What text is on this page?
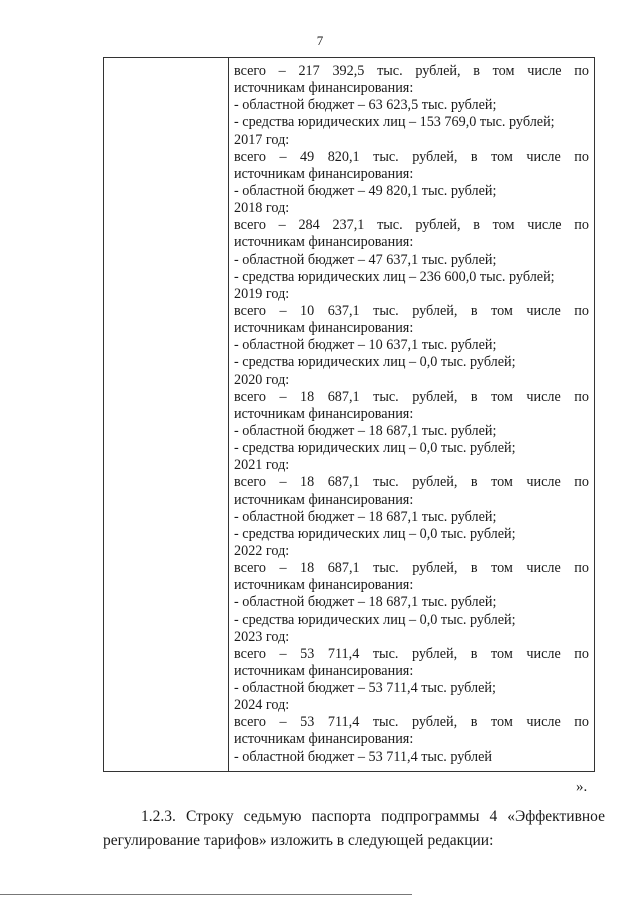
7
всего – 217 392,5 тыс. рублей, в том числе по
источникам финансирования:
- областной бюджет – 63 623,5 тыс. рублей;
- средства юридических лиц – 153 769,0 тыс. рублей;
2017 год:
всего – 49 820,1 тыс. рублей, в том числе по
источникам финансирования:
- областной бюджет – 49 820,1 тыс. рублей;
2018 год:
всего – 284 237,1 тыс. рублей, в том числе по
источникам финансирования:
- областной бюджет – 47 637,1 тыс. рублей;
- средства юридических лиц – 236 600,0 тыс. рублей;
2019 год:
всего – 10 637,1 тыс. рублей, в том числе по
источникам финансирования:
- областной бюджет – 10 637,1 тыс. рублей;
- средства юридических лиц – 0,0 тыс. рублей;
2020 год:
всего – 18 687,1 тыс. рублей, в том числе по
источникам финансирования:
- областной бюджет – 18 687,1 тыс. рублей;
- средства юридических лиц – 0,0 тыс. рублей;
2021 год:
всего – 18 687,1 тыс. рублей, в том числе по
источникам финансирования:
- областной бюджет – 18 687,1 тыс. рублей;
- средства юридических лиц – 0,0 тыс. рублей;
2022 год:
всего – 18 687,1 тыс. рублей, в том числе по
источникам финансирования:
- областной бюджет – 18 687,1 тыс. рублей;
- средства юридических лиц – 0,0 тыс. рублей;
2023 год:
всего – 53 711,4 тыс. рублей, в том числе по
источникам финансирования:
- областной бюджет – 53 711,4 тыс. рублей;
2024 год:
всего – 53 711,4 тыс. рублей, в том числе по
источникам финансирования:
- областной бюджет – 53 711,4 тыс. рублей
».
1.2.3. Строку седьмую паспорта подпрограммы 4 «Эффективное
регулирование тарифов» изложить в следующей редакции:
